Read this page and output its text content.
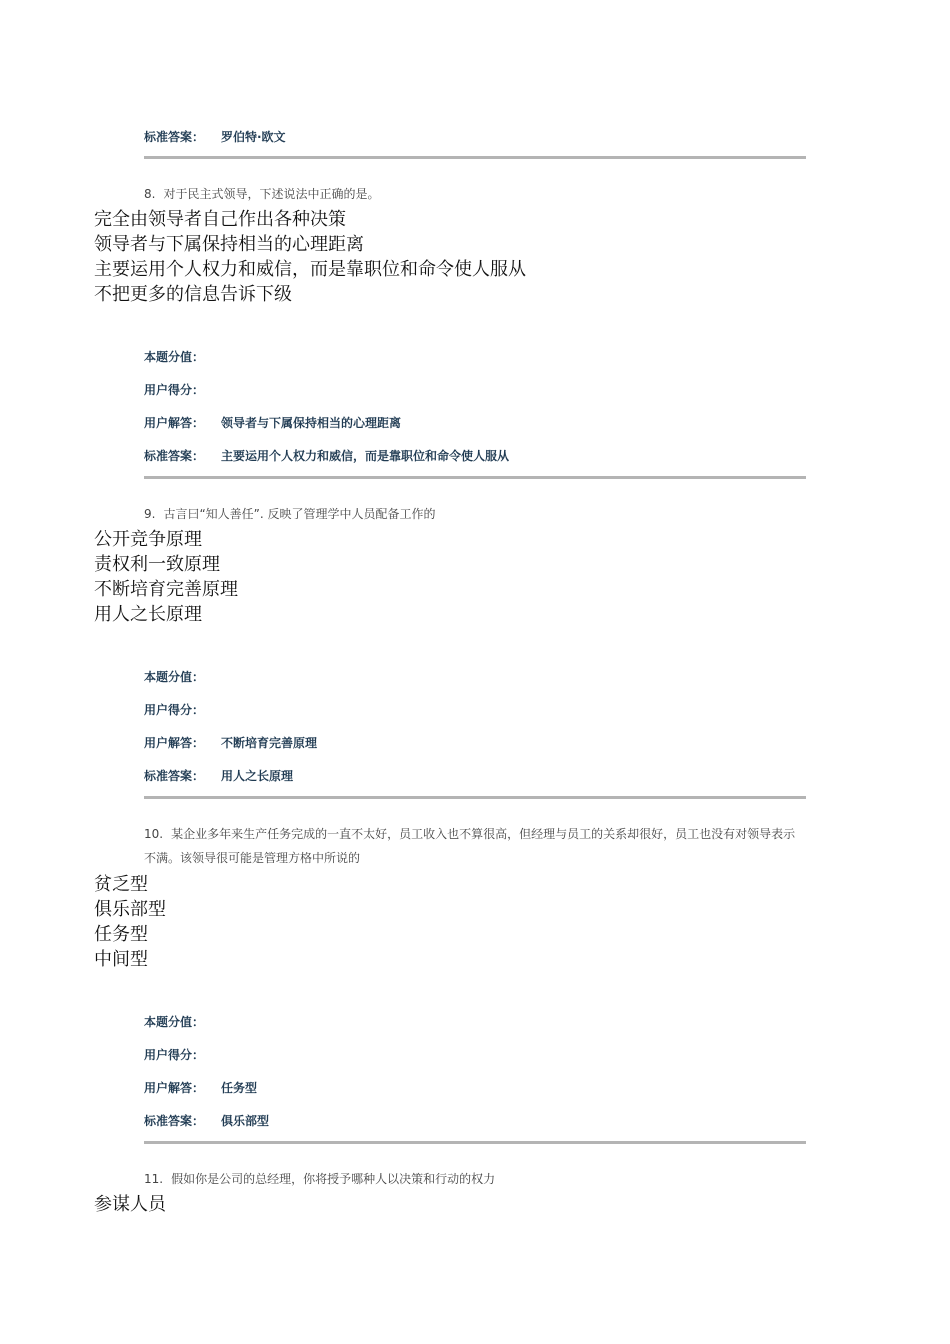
标准答案： 罗伯特·欧文
8. 对于民主式领导，下述说法中正确的是。
完全由领导者自己作出各种决策
领导者与下属保持相当的心理距离
主要运用个人权力和威信，而是靠职位和命令使人服从
不把更多的信息告诉下级
本题分值：
用户得分：
用户解答： 领导者与下属保持相当的心理距离
标准答案： 主要运用个人权力和威信，而是靠职位和命令使人服从
9. 古言曰“知人善任”. 反映了管理学中人员配备工作的
公开竞争原理
责权利一致原理
不断培育完善原理
用人之长原理
本题分值：
用户得分：
用户解答： 不断培育完善原理
标准答案： 用人之长原理
10. 某企业多年来生产任务完成的一直不太好，员工收入也不算很高，但经理与员工的关系却很好，员工也没有对领导表示不满。该领导很可能是管理方格中所说的
贫乏型
俱乐部型
任务型
中间型
本题分值：
用户得分：
用户解答： 任务型
标准答案： 俱乐部型
11. 假如你是公司的总经理，你将授予哪种人以决策和行动的权力
参谋人员
